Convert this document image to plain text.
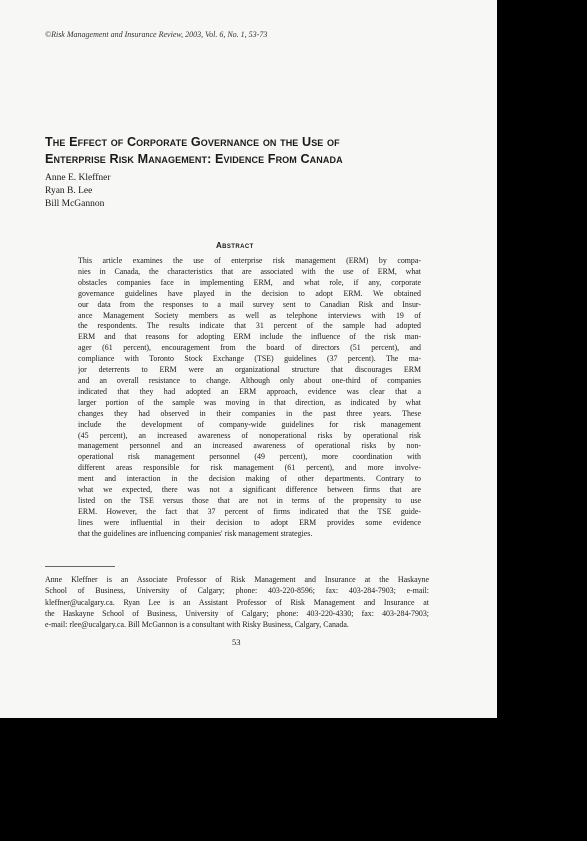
©Risk Management and Insurance Review, 2003, Vol. 6, No. 1, 53-73
The Effect of Corporate Governance on the Use of
Enterprise Risk Management: Evidence From Canada
Anne E. Kleffner
Ryan B. Lee
Bill McGannon
Abstract
This article examines the use of enterprise risk management (ERM) by compa-
nies in Canada, the characteristics that are associated with the use of ERM, what
obstacles companies face in implementing ERM, and what role, if any, corporate
governance guidelines have played in the decision to adopt ERM. We obtained
our data from the responses to a mail survey sent to Canadian Risk and Insur-
ance Management Society members as well as telephone interviews with 19 of
the respondents. The results indicate that 31 percent of the sample had adopted
ERM and that reasons for adopting ERM include the influence of the risk man-
ager (61 percent), encouragement from the board of directors (51 percent), and
compliance with Toronto Stock Exchange (TSE) guidelines (37 percent). The ma-
jor deterrents to ERM were an organizational structure that discourages ERM
and an overall resistance to change. Although only about one-third of companies
indicated that they had adopted an ERM approach, evidence was clear that a
larger portion of the sample was moving in that direction, as indicated by what
changes they had observed in their companies in the past three years. These
include the development of company-wide guidelines for risk management
(45 percent), an increased awareness of nonoperational risks by operational risk
management personnel and an increased awareness of operational risks by non-
operational risk management personnel (49 percent), more coordination with
different areas responsible for risk management (61 percent), and more involve-
ment and interaction in the decision making of other departments. Contrary to
what we expected, there was not a significant difference between firms that are
listed on the TSE versus those that are not in terms of the propensity to use
ERM. However, the fact that 37 percent of firms indicated that the TSE guide-
lines were influential in their decision to adopt ERM provides some evidence
that the guidelines are influencing companies' risk management strategies.
Anne Kleffner is an Associate Professor of Risk Management and Insurance at the Haskayne
School of Business, University of Calgary; phone: 403-220-8596; fax: 403-284-7903; e-mail:
kleffner@ucalgary.ca. Ryan Lee is an Assistant Professor of Risk Management and Insurance at
the Haskayne School of Business, University of Calgary; phone: 403-220-4330; fax: 403-284-7903;
e-mail: rlee@ucalgary.ca. Bill McGannon is a consultant with Risky Business, Calgary, Canada.
53
